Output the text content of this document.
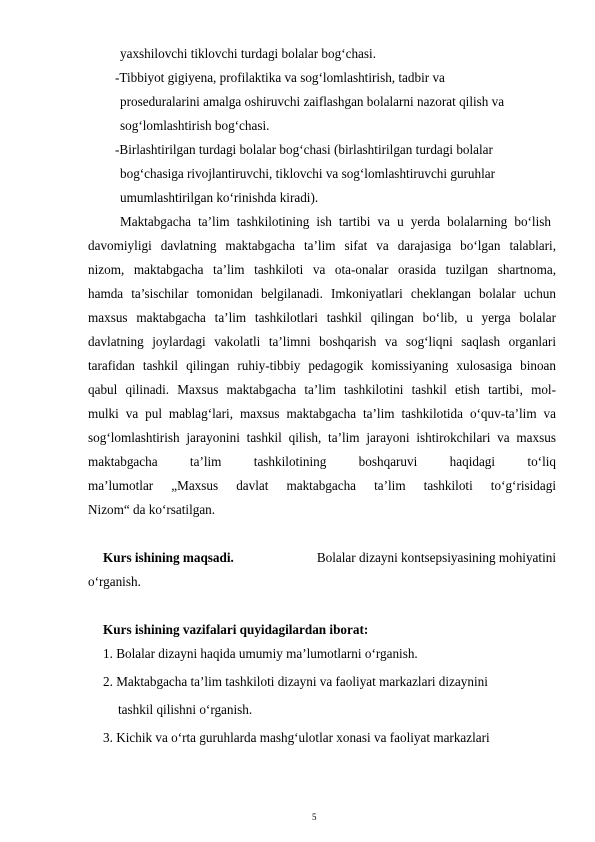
yaxshilovchi tiklovchi turdagi bolalar bogʻchasi.
-Tibbiyot gigiyena, profilaktika va sogʻlomlashtirish, tadbir va
proseduralarini amalga oshiruvchi zaiflashgan bolalarni nazorat qilish va
sogʻlomlashtirish bogʻchasi.
-Birlashtirilgan turdagi bolalar bogʻchasi (birlashtirilgan turdagi bolalar
bogʻchasiga rivojlantiruvchi, tiklovchi va sogʻlomlashtiruvchi guruhlar
umumlashtirilgan koʻrinishda kiradi).
Maktabgacha ta’lim tashkilotining ish tartibi va u yerda bolalarning boʻlish
davomiyligi davlatning maktabgacha ta’lim sifat va darajasiga boʻlgan talablari,
nizom, maktabgacha ta’lim tashkiloti va ota-onalar orasida tuzilgan shartnoma,
hamda ta’sischilar tomonidan belgilanadi. Imkoniyatlari cheklangan bolalar uchun
maxsus maktabgacha ta’lim tashkilotlari tashkil qilingan boʻlib, u yerga bolalar
davlatning joylardagi vakolatli ta’limni boshqarish va sogʻliqni saqlash organlari
tarafidan tashkil qilingan ruhiy-tibbiy pedagogik komissiyaning xulosasiga binoan
qabul qilinadi. Maxsus maktabgacha ta’lim tashkilotini tashkil etish tartibi, mol-
mulki va pul mablagʻlari, maxsus maktabgacha ta’lim tashkilotida oʻquv-ta’lim va
sogʻlomlashtirish jarayonini tashkil qilish, ta’lim jarayoni ishtirokchilari va maxsus
maktabgacha ta’lim tashkilotining boshqaruvi haqidagi toʻliq
ma’lumotlar „Maxsus davlat maktabgacha ta’lim tashkiloti toʻgʻrisidagi
Nizom“ da koʻrsatilgan.
Kurs ishining maqsadi.	Bolalar dizayni kontsepsiyasining mohiyatini
o‘rganish.
Kurs ishining vazifalari quyidagilardan iborat:
1. Bolalar dizayni haqida umumiy ma’lumotlarni o‘rganish.
2. Maktabgacha ta’lim tashkiloti dizayni va faoliyat markazlari dizaynini
tashkil qilishni o‘rganish.
3. Kichik va o‘rta guruhlarda mashg‘ulotlar xonasi va faoliyat markazlari
5
